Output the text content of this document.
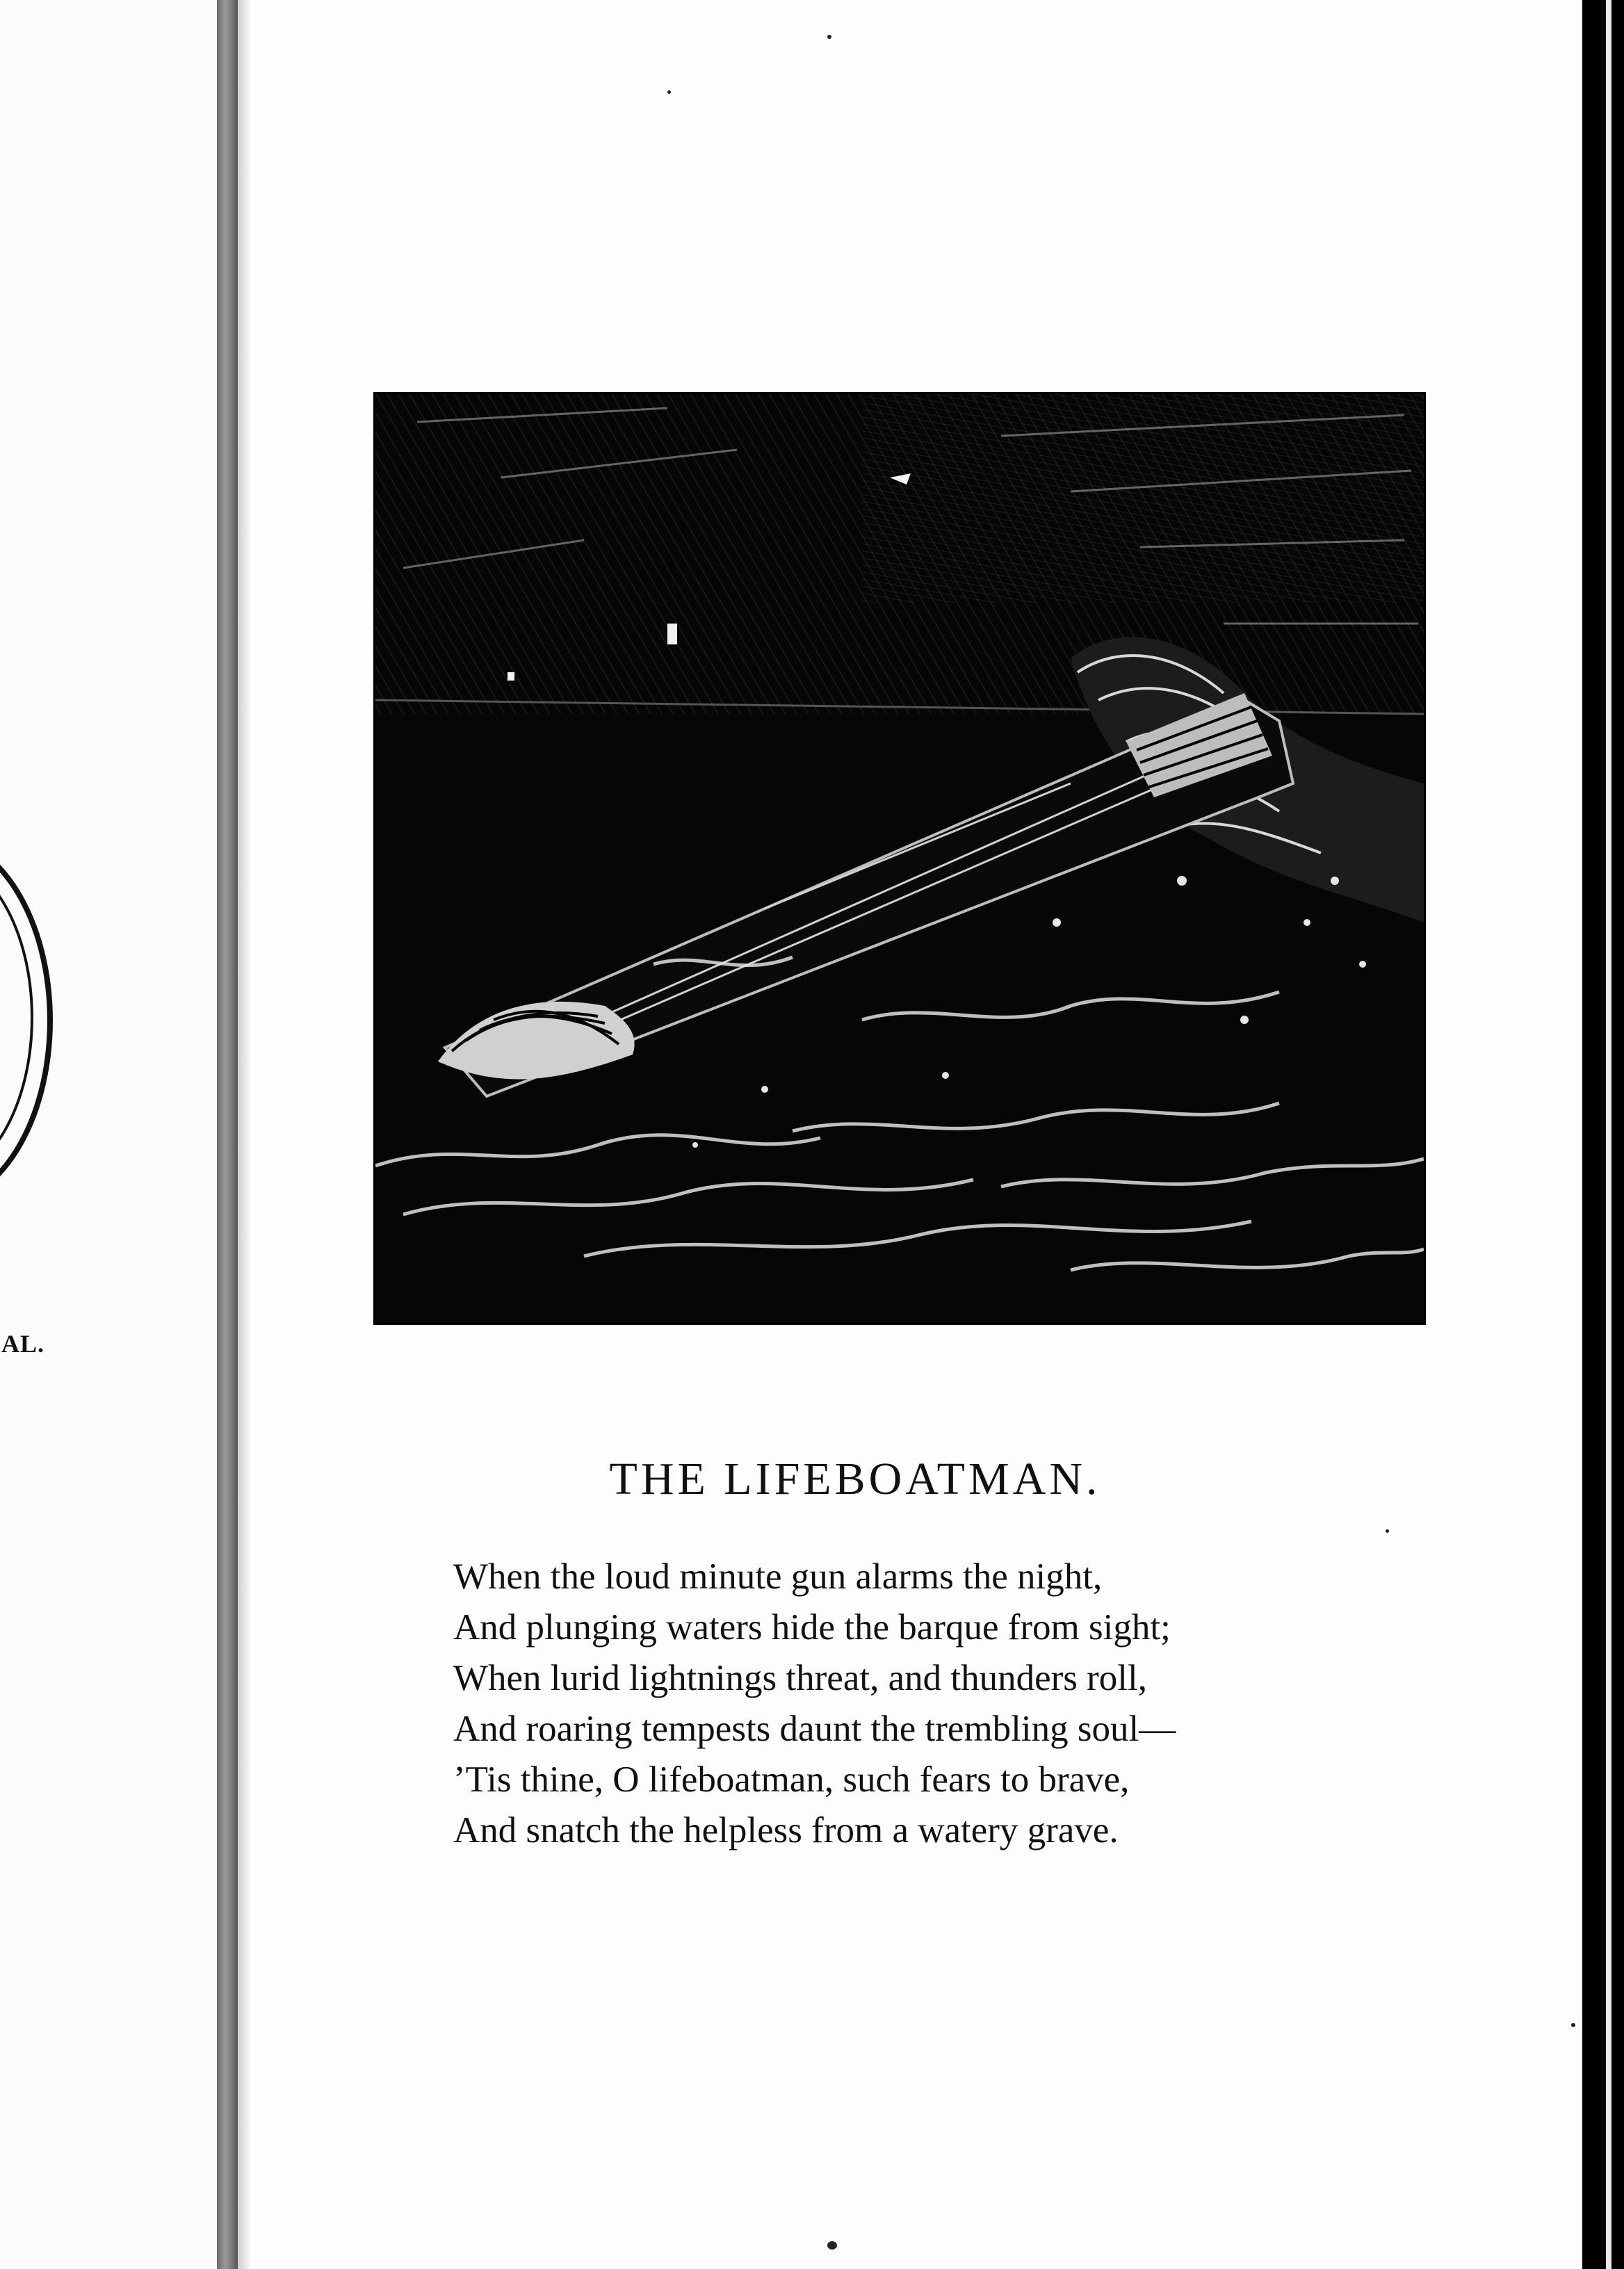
AL.
THE LIFEBOATMAN.
When the loud minute gun alarms the night,
And plunging waters hide the barque from sight;
When lurid lightnings threat, and thunders roll,
And roaring tempests daunt the trembling soul—
’Tis thine, O lifeboatman, such fears to brave,
And snatch the helpless from a watery grave.
